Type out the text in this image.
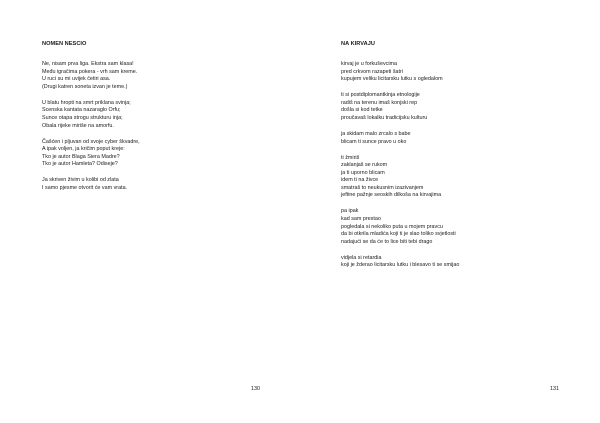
NOMEN NESCIO
Ne, nisam prva liga. Ekstra sam klasa!
Među igračima pokera - vrh sam kreme.
U ruci su mi uvijek četiri asa.
(Drugi katren soneta izvan je teme.)
U blatu hropti na smrt priklana svinja;
Scenska kantata nazaraglo Orfu;
Sunce otapa strogu strukturu inja;
Obala rijeke miriše na amorfu.
Čašćen i pljuvan od svoje cyber škvadre,
A ipak voljen, ja kričim poput kreje:
Tko je autor Blaga Siera Madre?
Tko je autor Hamleta? Odiseje?
Ja skriven živim u kolibi od zlata
I samo pjesme otvorit će vam vrata.
130
NA KIRVAJU
kirvaj je u forkuševcima
pred crkvom razapeti šatri
kupujem veliku licitarsku lutku s ogledalom
ti si postdiplomantkinja etnologije
radiš na terenu imaš konjski rep
došla si kod tetke
proučavaš lokalku tradicijsku kulturu
ja skidam malo zrcalo s babe
blicam ti sunce pravo u oko
ti žmiriš
zaklanjaš se rukom
ja ti uporno blicam
idem ti na živce
smatraš to neukusnim izazivanjem
jeftine pažnje seoskih dilkoša na kirvajima
pa ipak
kad sam prestao
pogledala si nekoliko puta u mojem pravcu
da bi otkrila mladića koji ti je slao toliko svjetlosti
nadajući se da će to lice biti tebi drago
vidjela si retardia
koji je žderao licitarsku lutku i blesavo ti se smijao
131
